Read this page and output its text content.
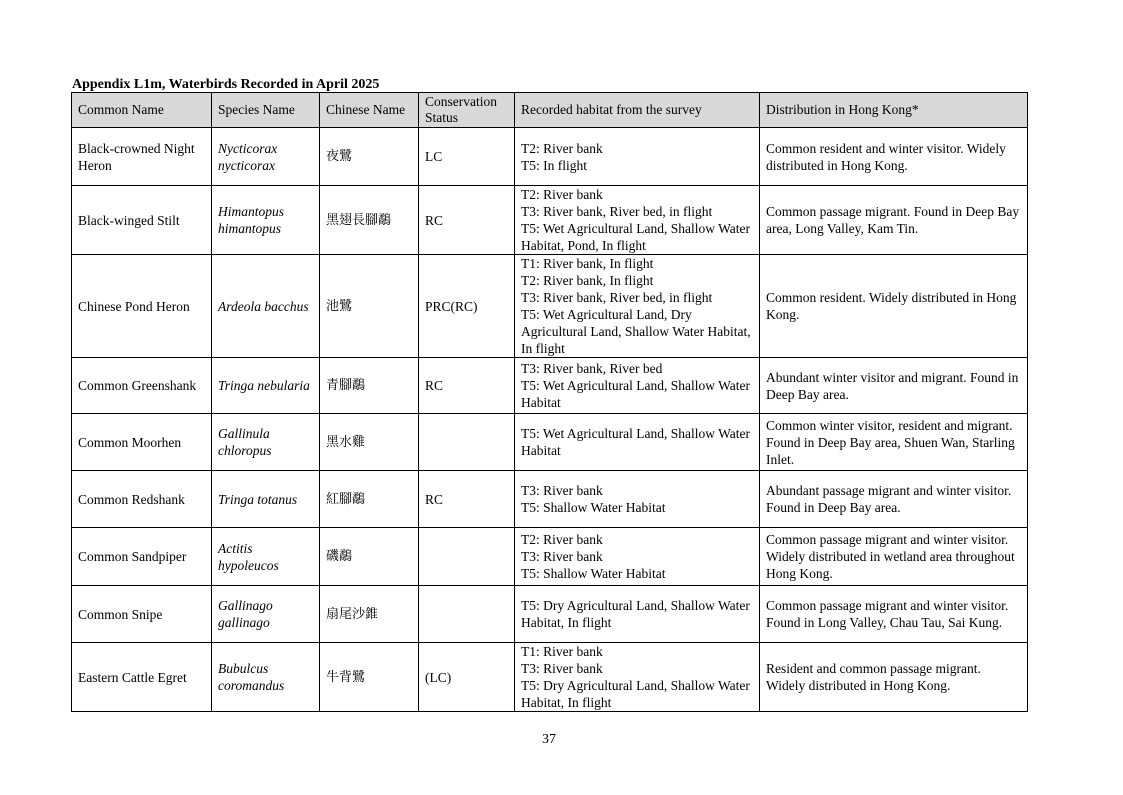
Appendix L1m, Waterbirds Recorded in April 2025
Common Name	Species Name	Chinese Name	Conservation Status	Recorded habitat from the survey	Distribution in Hong Kong*
Black-crowned Night Heron	Nycticorax nycticorax	夜鷺	LC	T2: River bank
T5: In flight	Common resident and winter visitor. Widely distributed in Hong Kong.
Black-winged Stilt	Himantopus himantopus	黑翅長腳鷸	RC	T2: River bank
T3: River bank, River bed, in flight
T5: Wet Agricultural Land, Shallow Water Habitat, Pond, In flight	Common passage migrant. Found in Deep Bay area, Long Valley, Kam Tin.
Chinese Pond Heron	Ardeola bacchus	池鷺	PRC(RC)	T1: River bank, In flight
T2: River bank, In flight
T3: River bank, River bed, in flight
T5: Wet Agricultural Land, Dry Agricultural Land, Shallow Water Habitat, In flight	Common resident. Widely distributed in Hong Kong.
Common Greenshank	Tringa nebularia	青腳鷸	RC	T3: River bank, River bed
T5: Wet Agricultural Land, Shallow Water Habitat	Abundant winter visitor and migrant. Found in Deep Bay area.
Common Moorhen	Gallinula chloropus	黑水雞		T5: Wet Agricultural Land, Shallow Water Habitat	Common winter visitor, resident and migrant. Found in Deep Bay area, Shuen Wan, Starling Inlet.
Common Redshank	Tringa totanus	紅腳鷸	RC	T3: River bank
T5: Shallow Water Habitat	Abundant passage migrant and winter visitor. Found in Deep Bay area.
Common Sandpiper	Actitis hypoleucos	磯鷸		T2: River bank
T3: River bank
T5: Shallow Water Habitat	Common passage migrant and winter visitor. Widely distributed in wetland area throughout Hong Kong.
Common Snipe	Gallinago gallinago	扇尾沙錐		T5: Dry Agricultural Land, Shallow Water Habitat, In flight	Common passage migrant and winter visitor. Found in Long Valley, Chau Tau, Sai Kung.
Eastern Cattle Egret	Bubulcus coromandus	牛背鷺	(LC)	T1: River bank
T3: River bank
T5: Dry Agricultural Land, Shallow Water Habitat, In flight	Resident and common passage migrant. Widely distributed in Hong Kong.
37
